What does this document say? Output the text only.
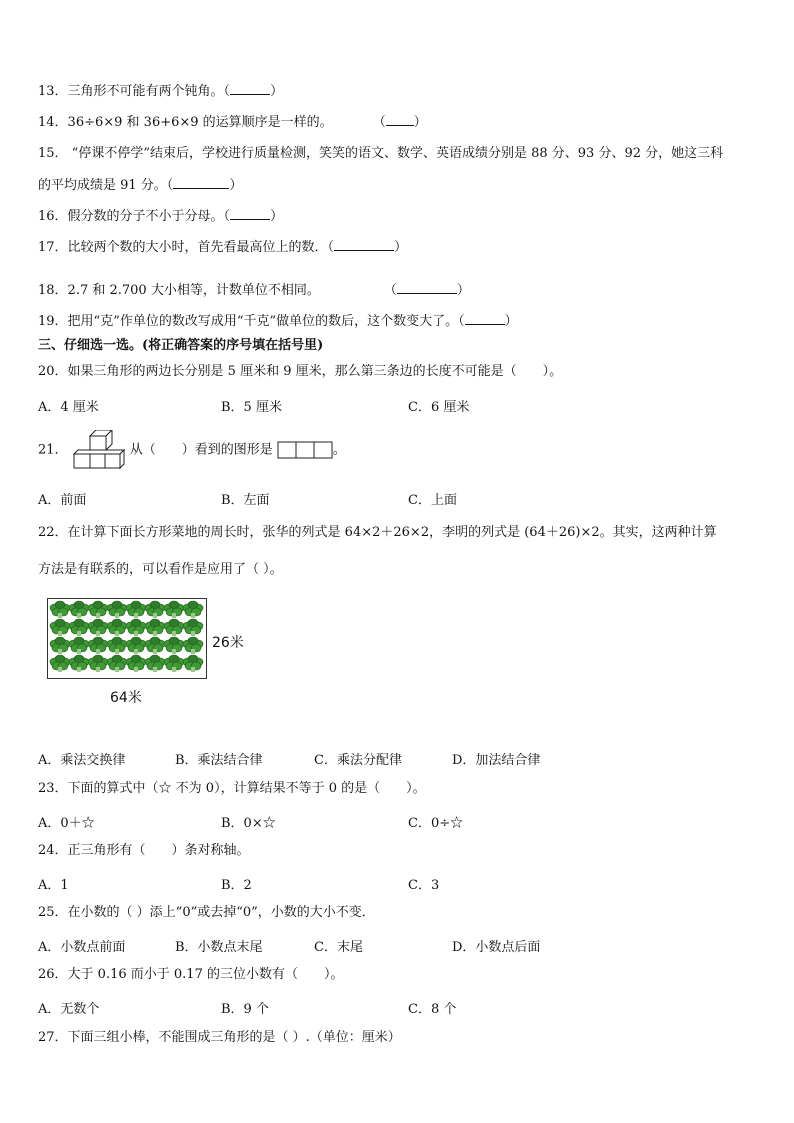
13．三角形不可能有两个钝角。（	）
14．36÷6×9 和 36+6×9 的运算顺序是一样的。	（ ）
15． “停课不停学”结束后，学校进行质量检测，笑笑的语文、数学、英语成绩分别是 88 分、93 分、92 分，她这三科
的平均成绩是 91 分。（	）
16．假分数的分子不小于分母。（	）
17．比较两个数的大小时，首先看最高位上的数．（	）
18．2.7 和 2.700 大小相等，计数单位不相同。	（	）
19．把用“克”作单位的数改写成用“千克”做单位的数后，这个数变大了。（	）
三、仔细选一选。(将正确答案的序号填在括号里)
20．如果三角形的两边长分别是 5 厘米和 9 厘米，那么第三条边的长度不可能是（　　）。
A．4 厘米	B．5 厘米	C．6 厘米
21．	从（　　）看到的图形是	。
A．前面	B．左面	C．上面
22．在计算下面长方形菜地的周长时，张华的列式是 64×2＋26×2，李明的列式是 (64＋26)×2。其实，这两种计算
方法是有联系的，可以看作是应用了（ ）。
26米
64米
A．乘法交换律	B．乘法结合律	C．乘法分配律	D．加法结合律
23．下面的算式中（☆ 不为 0），计算结果不等于 0 的是（　　）。
A．0＋☆	B．0×☆	C．0÷☆
24．正三角形有（　　）条对称轴。
A．1	B．2	C．3
25．在小数的（ ）添上“0”或去掉“0”，小数的大小不变．
A．小数点前面	B．小数点末尾	C．末尾	D．小数点后面
26．大于 0.16 而小于 0.17 的三位小数有（　　）。
A．无数个	B．9 个	C．8 个
27．下面三组小棒，不能围成三角形的是（ ）.（单位：厘米）
